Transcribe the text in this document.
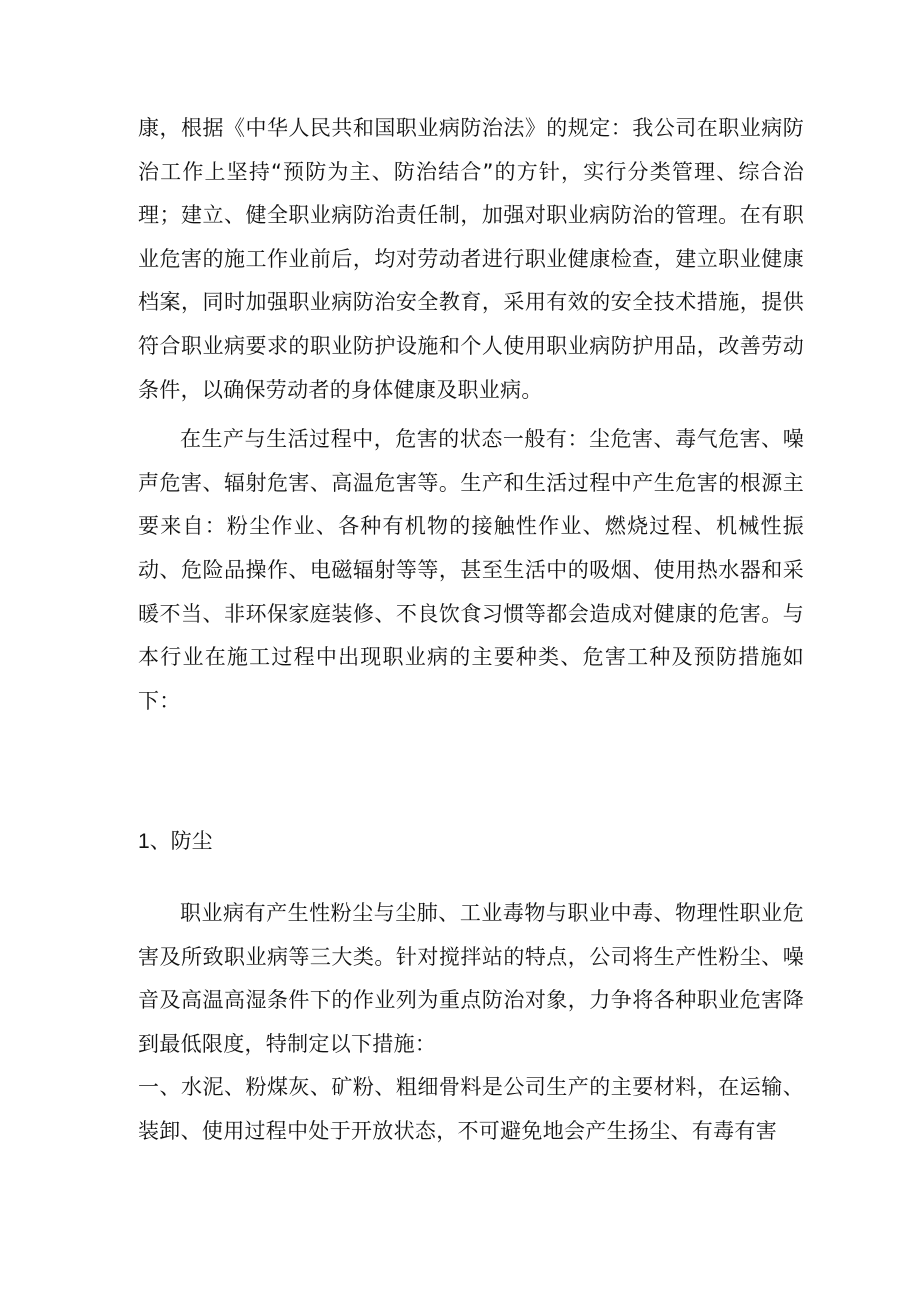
康，根据《中华人民共和国职业病防治法》的规定：我公司在职业病防治工作上坚持“预防为主、防治结合”的方针，实行分类管理、综合治理；建立、健全职业病防治责任制，加强对职业病防治的管理。在有职业危害的施工作业前后，均对劳动者进行职业健康检查，建立职业健康档案，同时加强职业病防治安全教育，采用有效的安全技术措施，提供符合职业病要求的职业防护设施和个人使用职业病防护用品，改善劳动条件，以确保劳动者的身体健康及职业病。

在生产与生活过程中，危害的状态一般有：尘危害、毒气危害、噪声危害、辐射危害、高温危害等。生产和生活过程中产生危害的根源主要来自：粉尘作业、各种有机物的接触性作业、燃烧过程、机械性振动、危险品操作、电磁辐射等等，甚至生活中的吸烟、使用热水器和采暖不当、非环保家庭装修、不良饮食习惯等都会造成对健康的危害。与本行业在施工过程中出现职业病的主要种类、危害工种及预防措施如下：

1、防尘

职业病有产生性粉尘与尘肺、工业毒物与职业中毒、物理性职业危害及所致职业病等三大类。针对搅拌站的特点，公司将生产性粉尘、噪音及高温高湿条件下的作业列为重点防治对象，力争将各种职业危害降到最低限度，特制定以下措施：

一、水泥、粉煤灰、矿粉、粗细骨料是公司生产的主要材料，在运输、装卸、使用过程中处于开放状态，不可避免地会产生扬尘、有毒有害
